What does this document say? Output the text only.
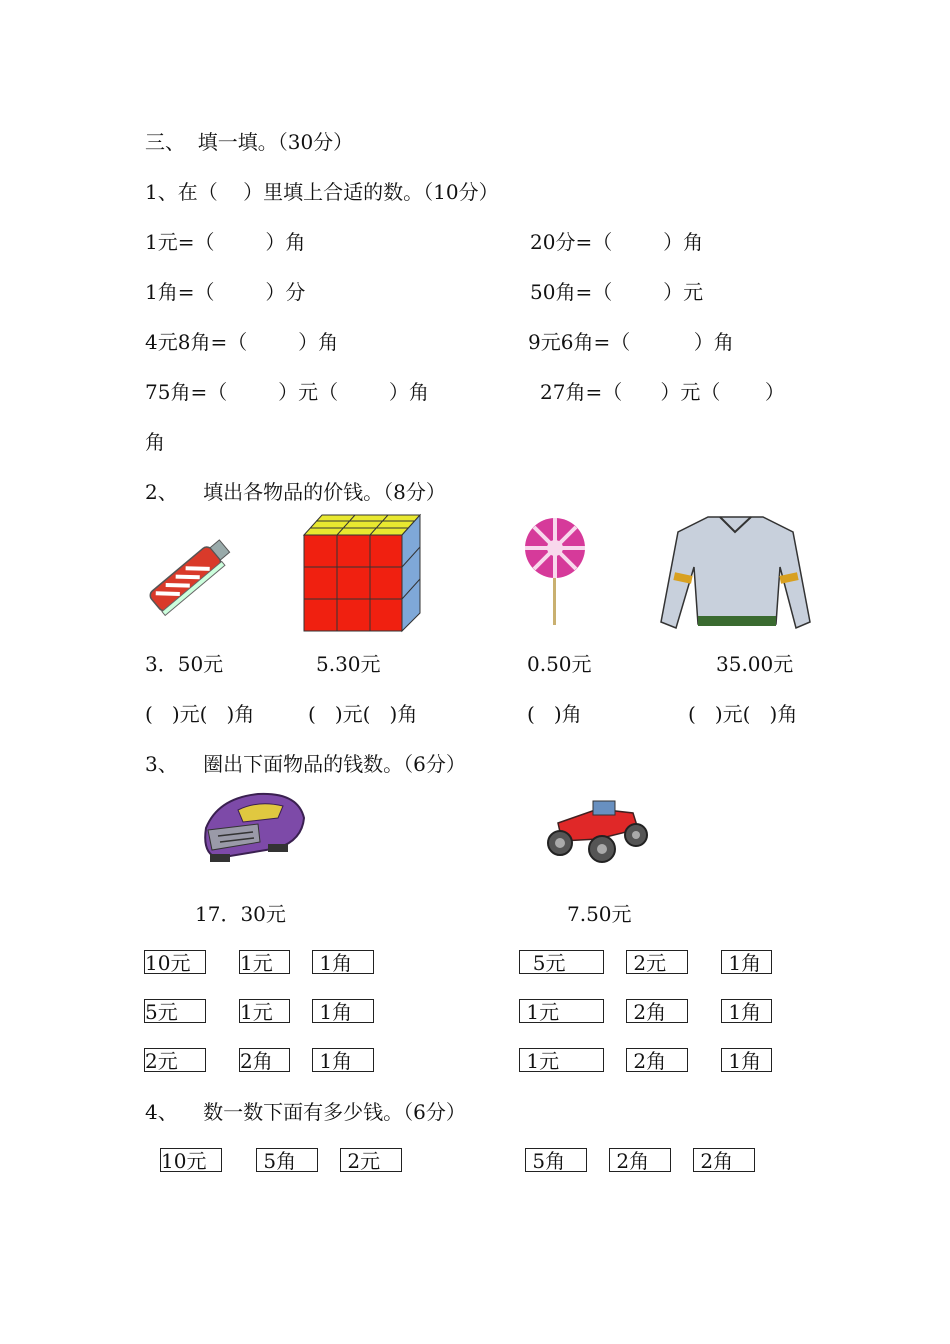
三、  填一填。（30分）
1、在（    ）里填上合适的数。（10分）
1元=（        ）角	20分=（        ）角
1角=（        ）分	50角=（        ）元
4元8角=（        ）角	9元6角=（          ）角
75角=（        ）元（        ）角	27角=（      ）元（       ）
角
2、    填出各物品的价钱。（8分）
3．50元	5.30元	0.50元	35.00元
(   )元(   )角	(   )元(   )角	(   )角	(   )元(   )角
3、    圈出下面物品的钱数。（6分）
17．30元	7.50元
10元	1元	1角
5元	1元	1角
2元	2角	1角
5元	2元	1角
1元	2角	1角
1元	2角	1角
4、    数一数下面有多少钱。（6分）
10元	5角	2元	5角	2角	2角
